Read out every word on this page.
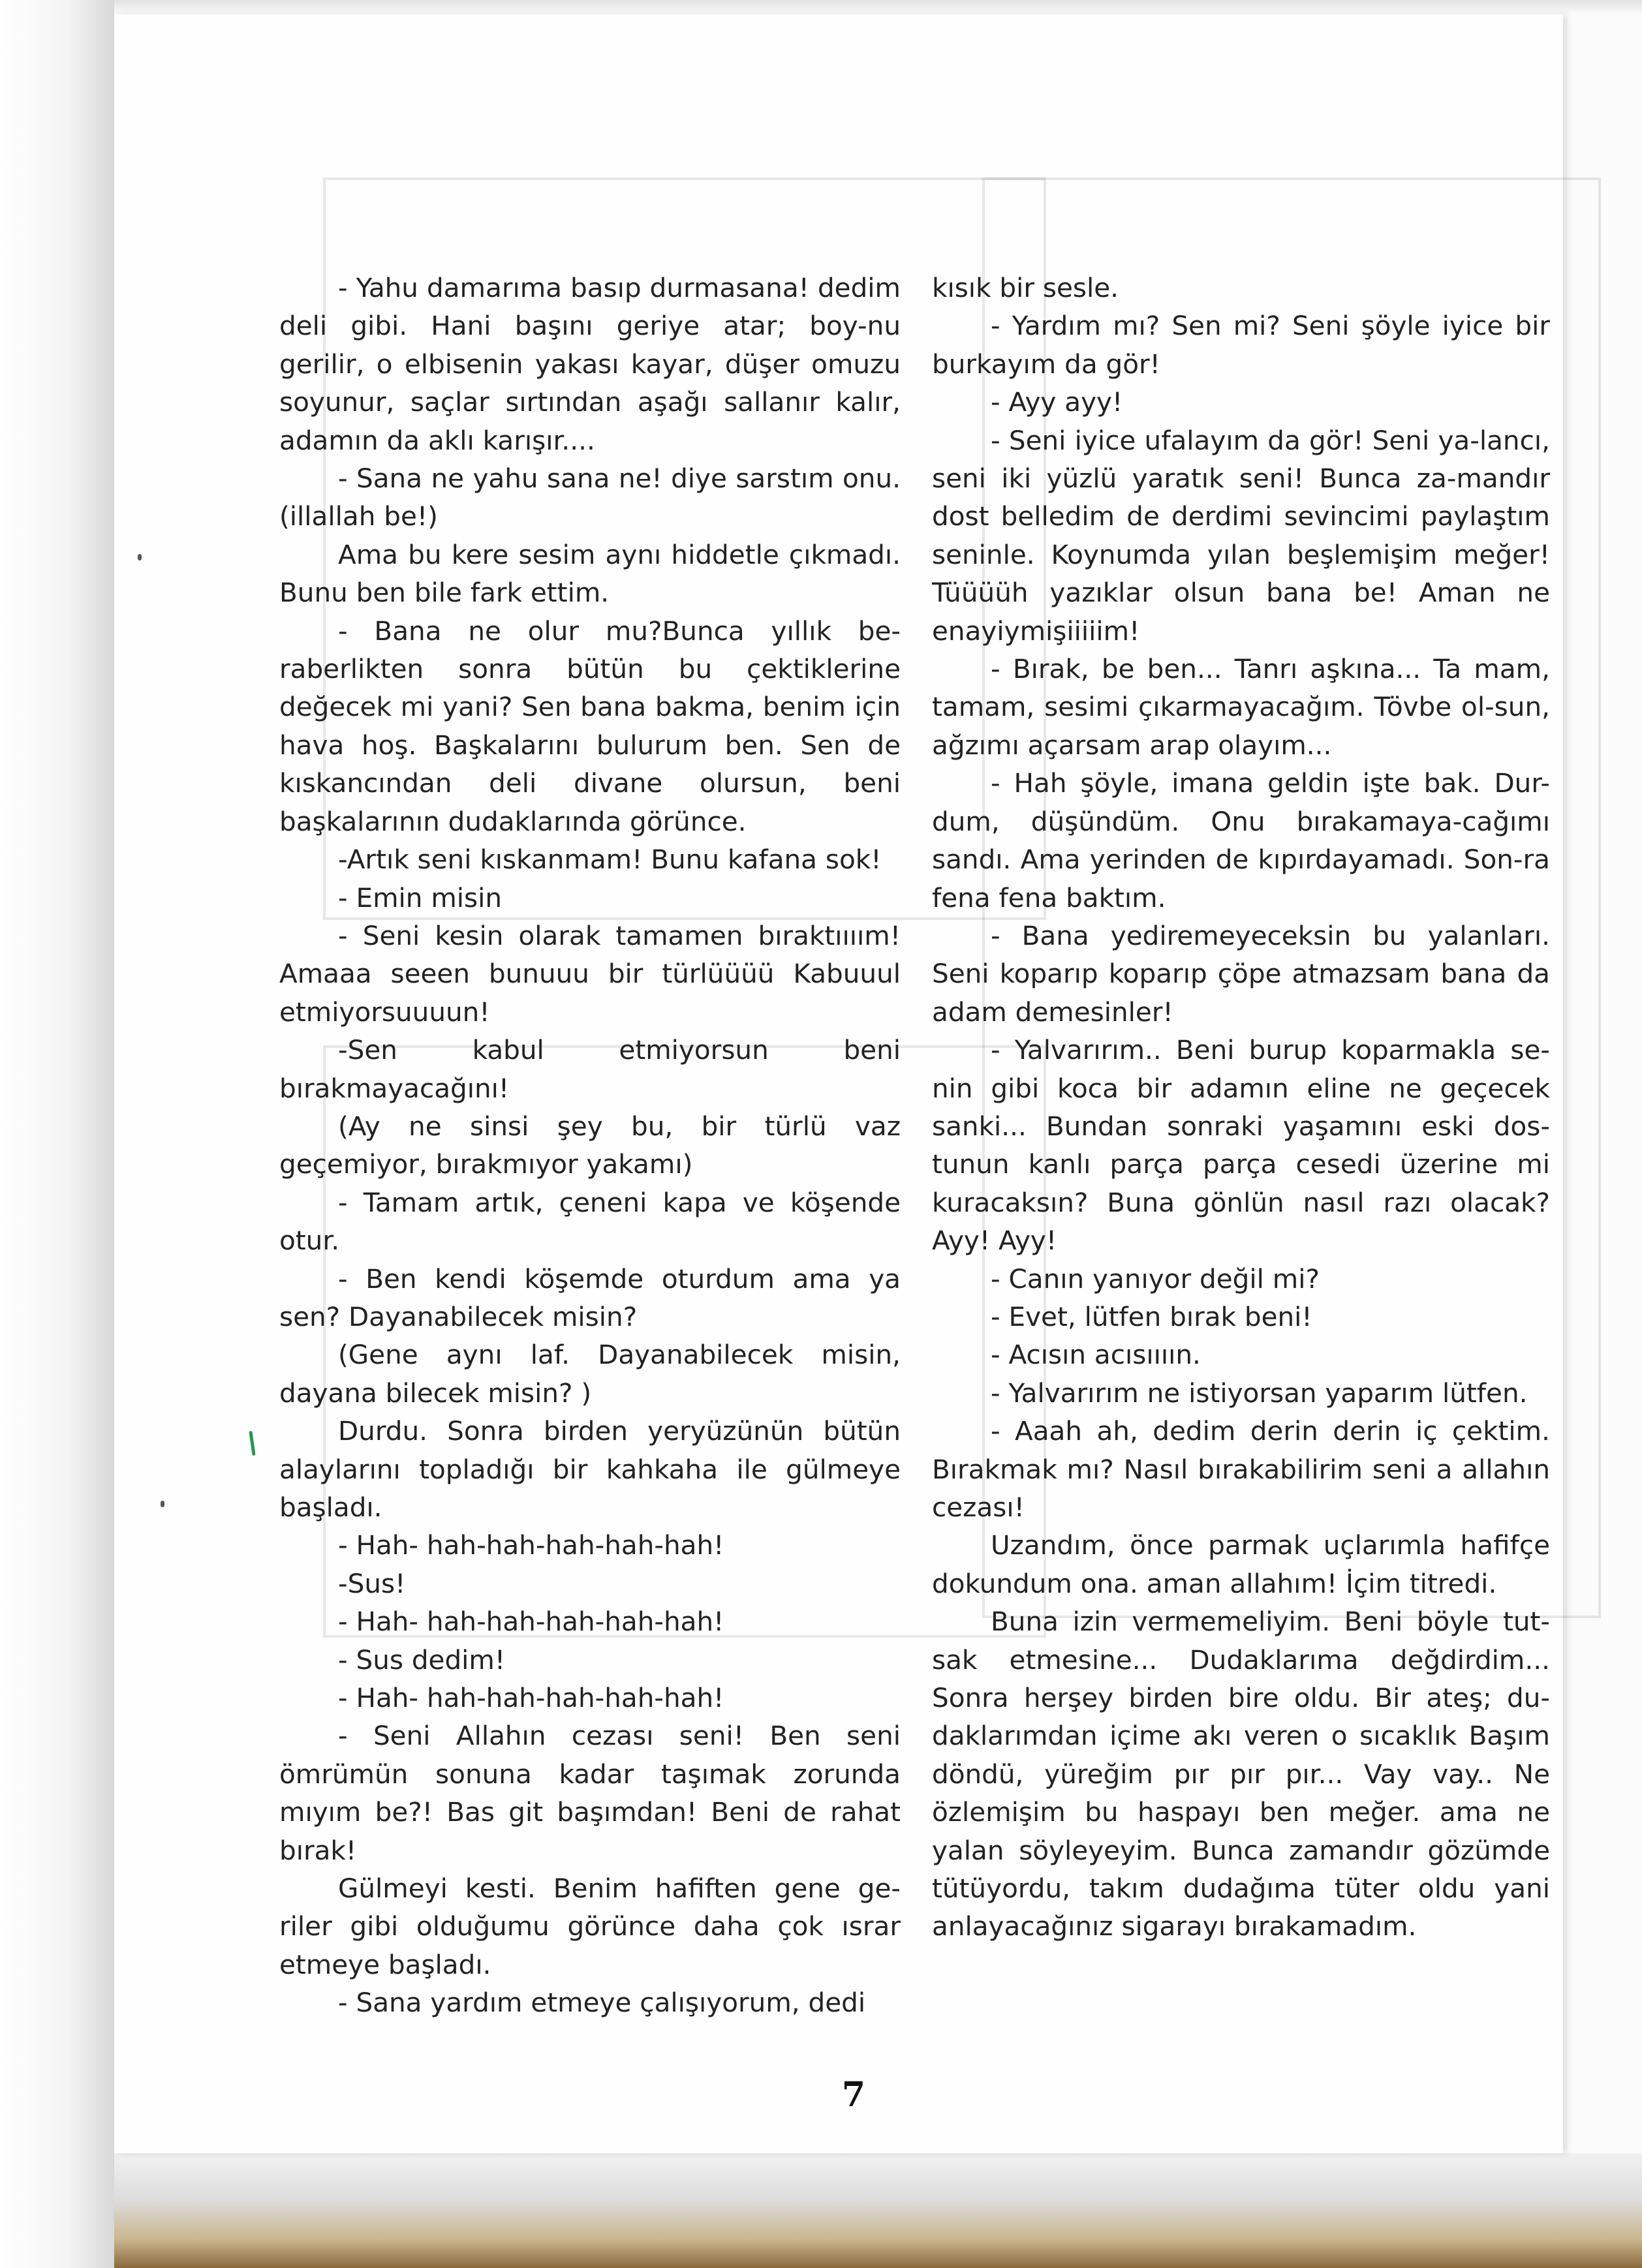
- Yahu damarıma basıp durmasana! dedim deli gibi. Hani başını geriye atar; boy-nu gerilir, o elbisenin yakası kayar, düşer omuzu soyunur, saçlar sırtından aşağı sallanır kalır, adamın da aklı karışır....

- Sana ne yahu sana ne! diye sarstım onu. (illallah be!)

Ama bu kere sesim aynı hiddetle çıkmadı. Bunu ben bile fark ettim.

- Bana ne olur mu?Bunca yıllık be-raberlikten sonra bütün bu çektiklerine değecek mi yani? Sen bana bakma, benim için hava hoş. Başkalarını bulurum ben. Sen de kıskancından deli divane olursun, beni başkalarının dudaklarında görünce.

-Artık seni kıskanmam! Bunu kafana sok!

- Emin misin

- Seni kesin olarak tamamen bıraktıııım! Amaaa seeen bunuuu bir türlüüüü Kabuuul etmiyorsuuuun!

-Sen kabul etmiyorsun beni bırakmayacağını!

(Ay ne sinsi şey bu, bir türlü vaz geçemiyor, bırakmıyor yakamı)

- Tamam artık, çeneni kapa ve köşende otur.

- Ben kendi köşemde oturdum ama ya sen? Dayanabilecek misin?

(Gene aynı laf. Dayanabilecek misin, dayana bilecek misin? )

Durdu. Sonra birden yeryüzünün bütün alaylarını topladığı bir kahkaha ile gülmeye başladı.

- Hah- hah-hah-hah-hah-hah!

-Sus!

- Hah- hah-hah-hah-hah-hah!

- Sus dedim!

- Hah- hah-hah-hah-hah-hah!

- Seni Allahın cezası seni! Ben seni ömrümün sonuna kadar taşımak zorunda mıyım be?! Bas git başımdan! Beni de rahat bırak!

Gülmeyi kesti. Benim hafiften gene ge-riler gibi olduğumu görünce daha çok ısrar etmeye başladı.

- Sana yardım etmeye çalışıyorum, dedi

kısık bir sesle.

- Yardım mı? Sen mi? Seni şöyle iyice bir burkayım da gör!

- Ayy ayy!

- Seni iyice ufalayım da gör! Seni ya-lancı, seni iki yüzlü yaratık seni! Bunca za-mandır dost belledim de derdimi sevincimi paylaştım seninle. Koynumda yılan beşlemişim meğer! Tüüüüh yazıklar olsun bana be! Aman ne enayiymişiiiiim!

- Bırak, be ben... Tanrı aşkına... Ta mam, tamam, sesimi çıkarmayacağım. Tövbe ol-sun, ağzımı açarsam arap olayım...

- Hah şöyle, imana geldin işte bak. Dur-dum, düşündüm. Onu bırakamaya-cağımı sandı. Ama yerinden de kıpırdayamadı. Son-ra fena fena baktım.

- Bana yediremeyeceksin bu yalanları. Seni koparıp koparıp çöpe atmazsam bana da adam demesinler!

- Yalvarırım.. Beni burup koparmakla se-nin gibi koca bir adamın eline ne geçecek sanki... Bundan sonraki yaşamını eski dos-tunun kanlı parça parça cesedi üzerine mi kuracaksın? Buna gönlün nasıl razı olacak? Ayy! Ayy!

- Canın yanıyor değil mi?

- Evet, lütfen bırak beni!

- Acısın acısıııın.

- Yalvarırım ne istiyorsan yaparım lütfen.

- Aaah ah, dedim derin derin iç çektim. Bırakmak mı? Nasıl bırakabilirim seni a allahın cezası!

Uzandım, önce parmak uçlarımla hafifçe dokundum ona. aman allahım! İçim titredi.

Buna izin vermemeliyim. Beni böyle tut-sak etmesine... Dudaklarıma değdirdim... Sonra herşey birden bire oldu. Bir ateş; du-daklarımdan içime akı veren o sıcaklık Başım döndü, yüreğim pır pır pır... Vay vay.. Ne özlemişim bu haspayı ben meğer. ama ne yalan söyleyeyim. Bunca zamandır gözümde tütüyordu, takım dudağıma tüter oldu yani anlayacağınız sigarayı bırakamadım.

7
